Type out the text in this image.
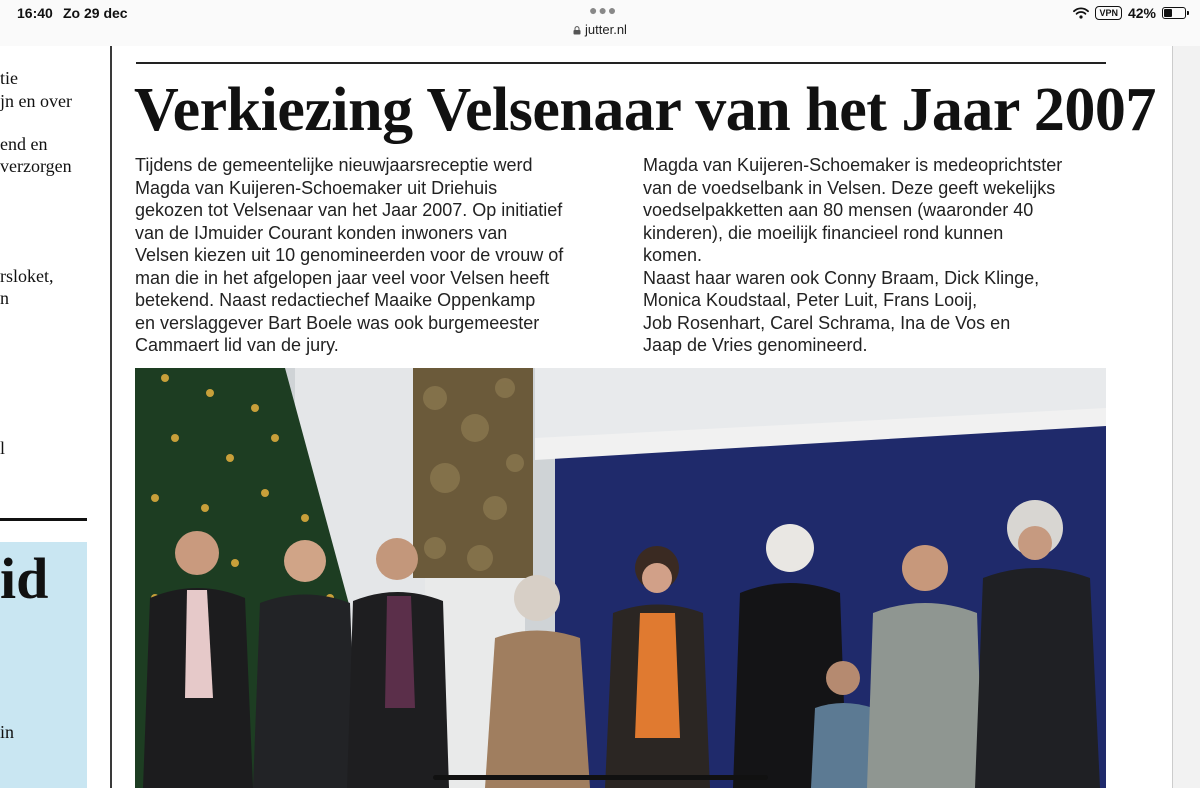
16:40 Zo 29 dec	●●●
jutter.nl
VPN 42%
tie
jn en over
end en
verzorgen
rsloket,
n
l
id
in
Verkiezing Velsenaar van het Jaar 2007

Tijdens de gemeentelijke nieuwjaarsreceptie werd
Magda van Kuijeren-Schoemaker uit Driehuis
gekozen tot Velsenaar van het Jaar 2007. Op initiatief
van de IJmuider Courant konden inwoners van
Velsen kiezen uit 10 genomineerden voor de vrouw of
man die in het afgelopen jaar veel voor Velsen heeft
betekend. Naast redactiechef Maaike Oppenkamp
en verslaggever Bart Boele was ook burgemeester
Cammaert lid van de jury.

Magda van Kuijeren-Schoemaker is medeoprichtster
van de voedselbank in Velsen. Deze geeft wekelijks
voedselpakketten aan 80 mensen (waaronder 40
kinderen), die moeilijk financieel rond kunnen
komen.
Naast haar waren ook Conny Braam, Dick Klinge,
Monica Koudstaal, Peter Luit, Frans Looij,
Job Rosenhart, Carel Schrama, Ina de Vos en
Jaap de Vries genomineerd.
